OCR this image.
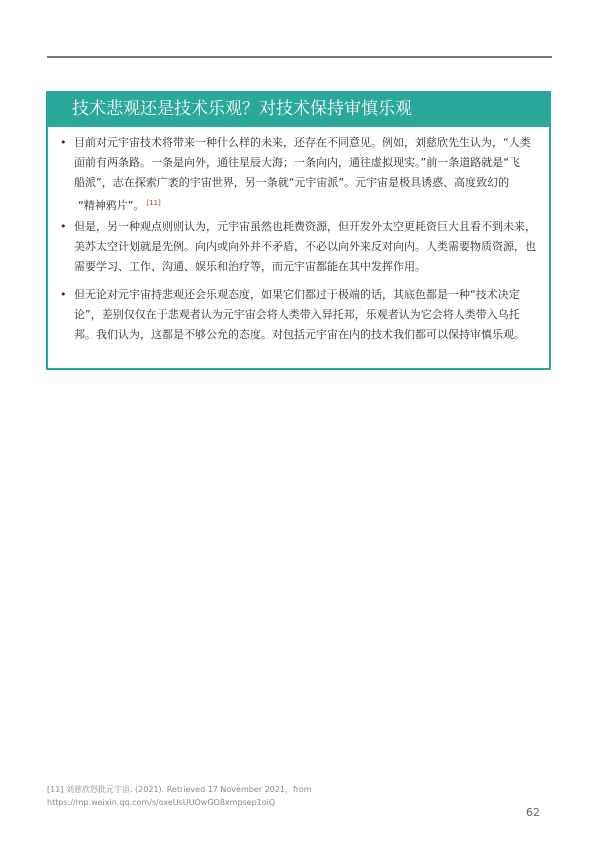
技术悲观还是技术乐观？对技术保持审慎乐观
• 目前对元宇宙技术将带来一种什么样的未来，还存在不同意见。例如，刘慈欣先生认为，“人类
面前有两条路。一条是向外，通往星辰大海；一条向内，通往虚拟现实。”前一条道路就是“飞
船派”，志在探索广袤的宇宙世界，另一条就“元宇宙派”。元宇宙是极具诱惑、高度致幻的
“精神鸦片”。 [11]
• 但是，另一种观点则则认为，元宇宙虽然也耗费资源，但开发外太空更耗资巨大且看不到未来，
美苏太空计划就是先例。向内或向外并不矛盾，不必以向外来反对向内。人类需要物质资源，也
需要学习、工作、沟通、娱乐和治疗等，而元宇宙都能在其中发挥作用。
• 但无论对元宇宙持悲观还会乐观态度，如果它们都过于极端的话，其底色都是一种“技术决定
论”，差别仅仅在于悲观者认为元宇宙会将人类带入异托邦，乐观者认为它会将人类带入乌托
邦。我们认为，这都是不够公允的态度。对包括元宇宙在内的技术我们都可以保持审慎乐观。
[11] 刘慈欣怒批元宇宙. (2021). Retrieved 17 November 2021，from
https://mp.weixin.qq.com/s/oxeUsUUOwGO8xmpsep1oiQ
62
